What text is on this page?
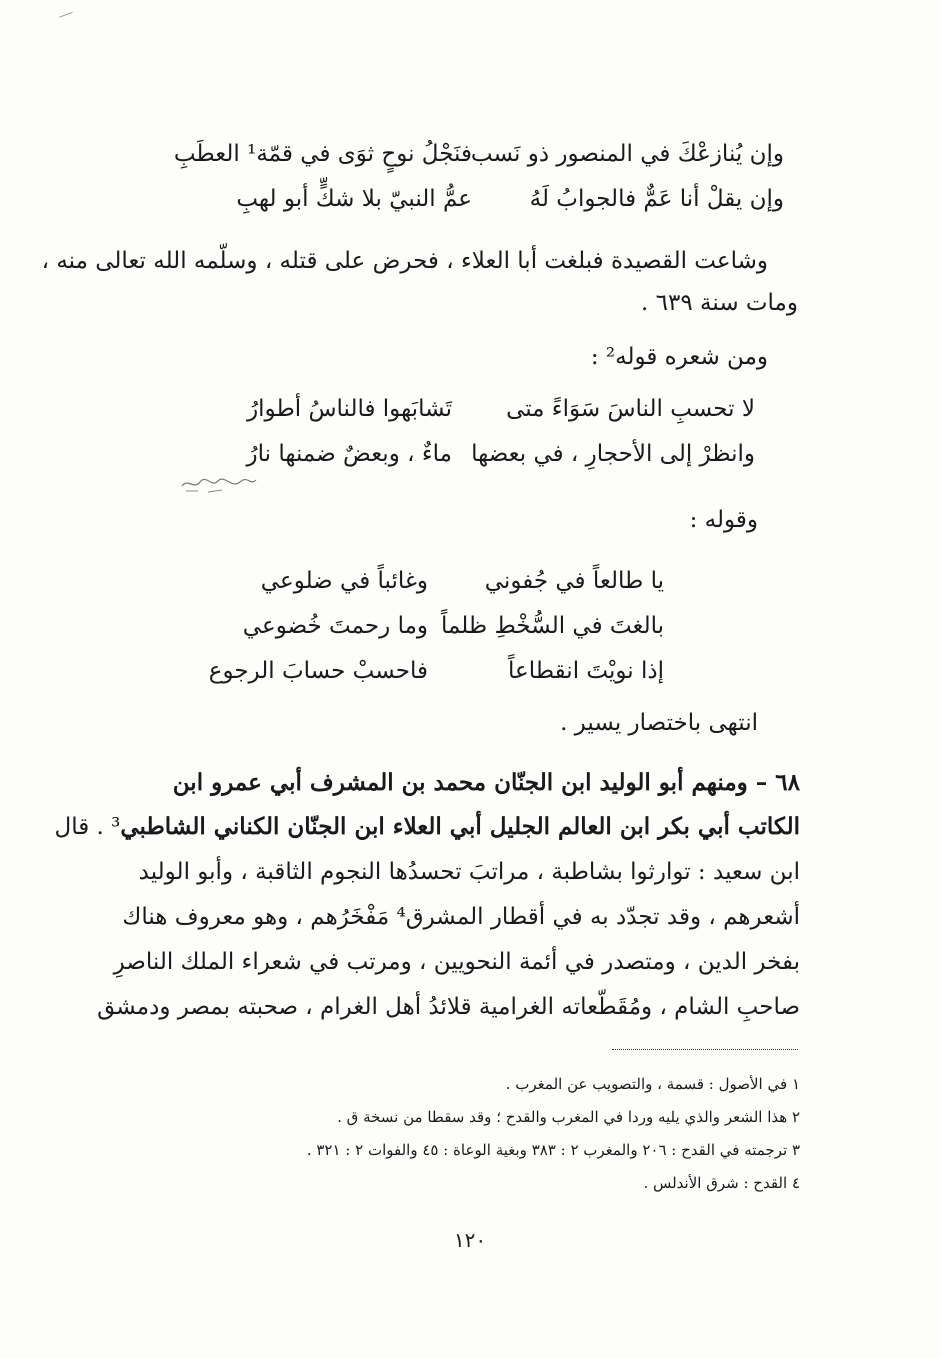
وإن يُنازعْكَ في المنصور ذو نَسب
فنَجْلُ نوحٍ ثوَى في قمّة¹ العطَبِ
وإن يقلْ أنا عَمٌّ فالجوابُ لَهُ
عمُّ النبيّ بلا شكٍّ أبو لهبِ
وشاعت القصيدة فبلغت أبا العلاء ، فحرض على قتله ، وسلّمه الله تعالى منه ،
ومات سنة ٦٣٩ .
ومن شعره قوله² :
لا تحسبِ الناسَ سَوَاءً متى
تَشابَهوا فالناسُ أطوارُ
وانظرْ إلى الأحجارِ ، في بعضها
ماءٌ ، وبعضٌ ضمنها نارُ
وقوله :
يا طالعاً في جُفوني
وغائباً في ضلوعي
بالغتَ في السُّخْطِ ظلماً
وما رحمتَ خُضوعي
إذا نويْتَ انقطاعاً
فاحسبْ حسابَ الرجوع
انتهى باختصار يسير .
٦٨ – ومنهم أبو الوليد ابن الجنّان محمد بن المشرف أبي عمرو ابن
الكاتب أبي بكر ابن العالم الجليل أبي العلاء ابن الجنّان الكناني الشاطبي³ . قال
ابن سعيد : توارثوا بشاطبة ، مراتبَ تحسدُها النجوم الثاقبة ، وأبو الوليد
أشعرهم ، وقد تجدّد به في أقطار المشرق⁴ مَفْخَرُهم ، وهو معروف هناك
بفخر الدين ، ومتصدر في أئمة النحويين ، ومرتب في شعراء الملك الناصرِ
صاحبِ الشام ، ومُقَطّعاته الغرامية قلائدُ أهل الغرام ، صحبته بمصر ودمشق
١ في الأصول : قسمة ، والتصويب عن المغرب .
٢ هذا الشعر والذي يليه وردا في المغرب والقدح ؛ وقد سقطا من نسخة ق .
٣ ترجمته في القدح : ٢٠٦ والمغرب ٢ : ٣٨٣ وبغية الوعاة : ٤٥ والفوات ٢ : ٣٢١ .
٤ القدح : شرق الأندلس .
١٢٠
